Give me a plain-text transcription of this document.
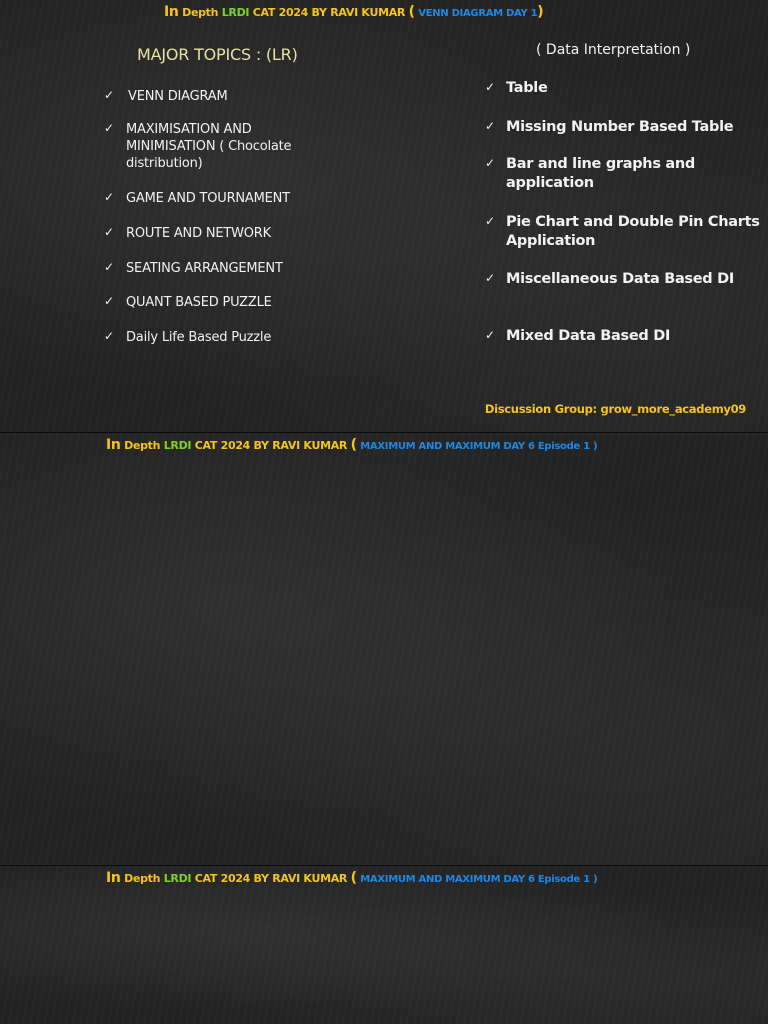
In Depth LRDI CAT 2024 BY RAVI KUMAR ( VENN DIAGRAM DAY 1)
MAJOR TOPICS : (LR)	( Data Interpretation )
✓ VENN DIAGRAM
✓ MAXIMISATION AND MINIMISATION ( Chocolate distribution)
✓ GAME AND TOURNAMENT
✓ ROUTE AND NETWORK
✓ SEATING ARRANGEMENT
✓ QUANT BASED PUZZLE
✓ Daily Life Based Puzzle
✓ Table
✓ Missing Number Based Table
✓ Bar and line graphs and application
✓ Pie Chart and Double Pin Charts Application
✓ Miscellaneous Data Based DI
✓ Mixed Data Based DI
Discussion Group: grow_more_academy09
In Depth LRDI CAT 2024 BY RAVI KUMAR ( MAXIMUM AND MAXIMUM DAY 6 Episode 1 )
In Depth LRDI CAT 2024 BY RAVI KUMAR ( MAXIMUM AND MAXIMUM DAY 6 Episode 1 )
